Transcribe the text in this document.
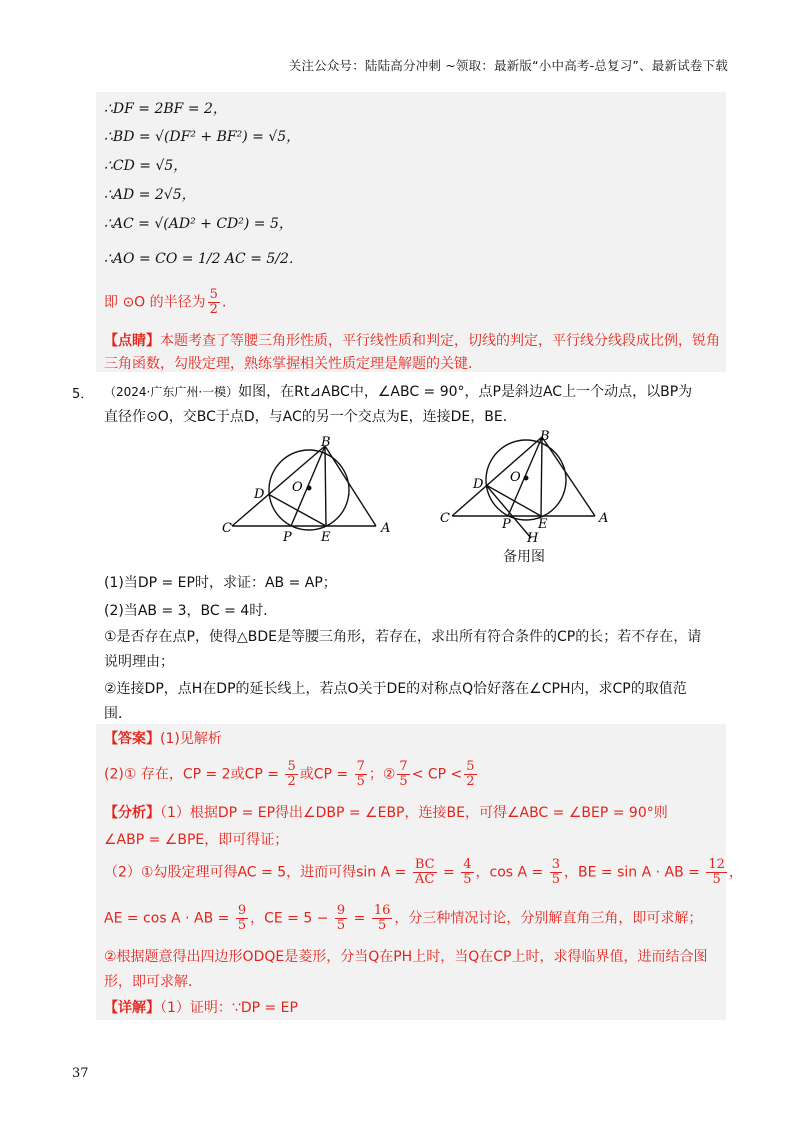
关注公众号：陆陆高分冲刺 ~领取：最新版“小中高考-总复习”、最新试卷下载
∴DF = 2BF = 2，
∴BD = √(DF² + BF²) = √5，
∴CD = √5，
∴AD = 2√5，
∴AC = √(AD² + CD²) = 5，
∴AO = CO = 1/2 AC = 5/2．
即 ⊙O 的半径为 $\frac{5}{2}$ ．
【点睛】本题考查了等腰三角形性质，平行线性质和判定，切线的判定，平行线分线段成比例，锐角
三角函数，勾股定理，熟练掌握相关性质定理是解题的关键．
5． （2024·广东广州·一模）如图，在Rt⊿ABC中，∠ABC = 90°，点P是斜边AC上一个动点，以BP为
直径作⊙O，交BC于点D，与AC的另一个交点为E，连接DE，BE．
B
D O
C
P E
A
B
D O
C	P E
H
A
备用图
(1)当DP = EP时，求证：AB = AP；
(2)当AB = 3，BC = 4时．
①是否存在点P，使得△BDE是等腰三角形，若存在，求出所有符合条件的CP的长；若不存在，请
说明理由；
②连接DP，点H在DP的延长线上，若点O关于DE的对称点Q恰好落在∠CPH内，求CP的取值范
围．
【答案】(1)见解析
(2)① 存在，CP = 2或CP = $\frac{5}{2}$ 或CP = $\frac{7}{5}$ ；② $\frac{7}{5}$ < CP < $\frac{5}{2}$
【分析】（1）根据DP = EP得出∠DBP = ∠EBP，连接BE，可得∠ABC = ∠BEP = 90°则
∠ABP = ∠BPE，即可得证；
（2）①勾股定理可得AC = 5，进而可得$\sin A = \frac{BC}{AC} = \frac{4}{5}$ ，$\cos A = \frac{3}{5}$ ，BE = sin A · AB = $\frac{12}{5}$ ，
AE = cos A · AB = $\frac{9}{5}$ ，CE = $5 - \frac{9}{5} = \frac{16}{5}$ ，分三种情况讨论，分别解直角三角，即可求解；
②根据题意得出四边形ODQE是菱形，分当Q在PH上时，当Q在CP上时，求得临界值，进而结合图
形，即可求解．
【详解】（1）证明：∵DP = EP
37
